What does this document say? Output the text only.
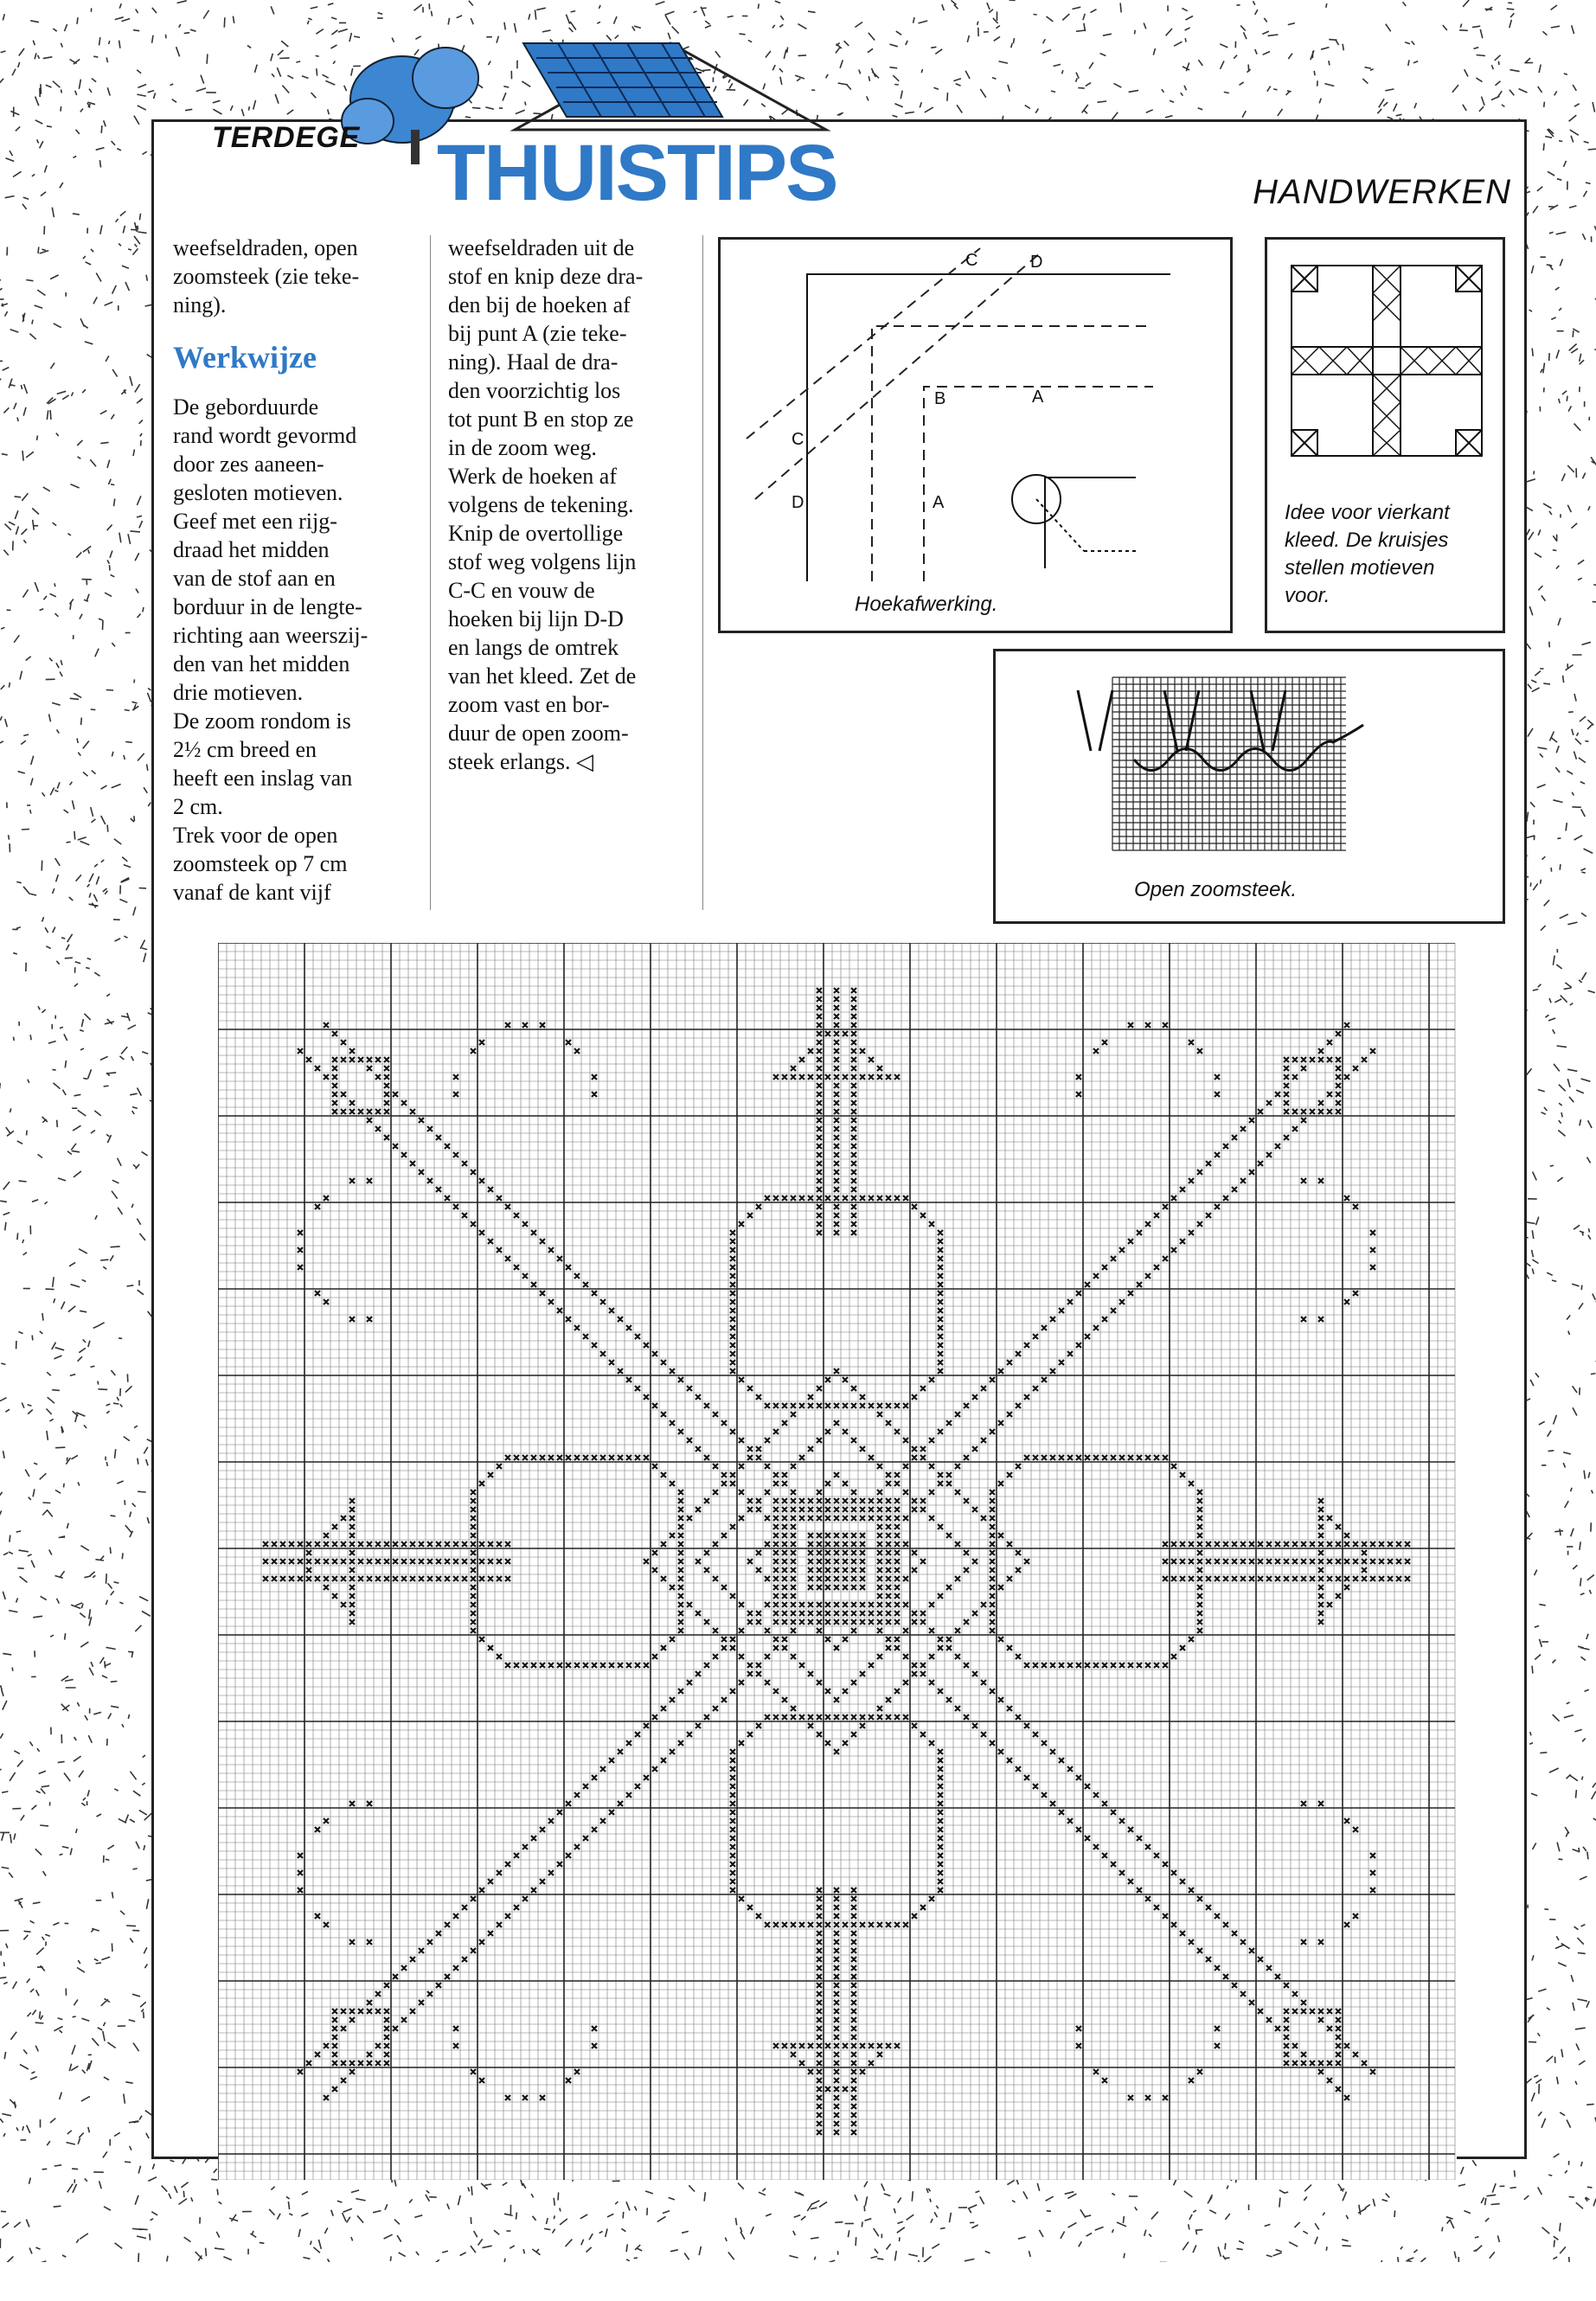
TERDEGE THUISTIPS	HANDWERKEN

weefseldraden, open
zoomsteek (zie teke-
ning).

Werkwijze

De geborduurde
rand wordt gevormd
door zes aaneen-
gesloten motieven.
Geef met een rijg-
draad het midden
van de stof aan en
borduur in de lengte-
richting aan weerszij-
den van het midden
drie motieven.
De zoom rondom is
2½ cm breed en
heeft een inslag van
2 cm.
Trek voor de open
zoomsteek op 7 cm
vanaf de kant vijf

weefseldraden uit de
stof en knip deze dra-
den bij de hoeken af
bij punt A (zie teke-
ning). Haal de dra-
den voorzichtig los
tot punt B en stop ze
in de zoom weg.
Werk de hoeken af
volgens de tekening.
Knip de overtollige
stof weg volgens lijn
C-C en vouw de
hoeken bij lijn D-D
en langs de omtrek
van het kleed. Zet de
zoom vast en bor-
duur de open zoom-
steek erlangs. ◁

C	D
C
D
B	A
A
Hoekafwerking.
Idee voor vierkant
kleed. De kruisjes
stellen motieven
voor.
Open zoomsteek.
